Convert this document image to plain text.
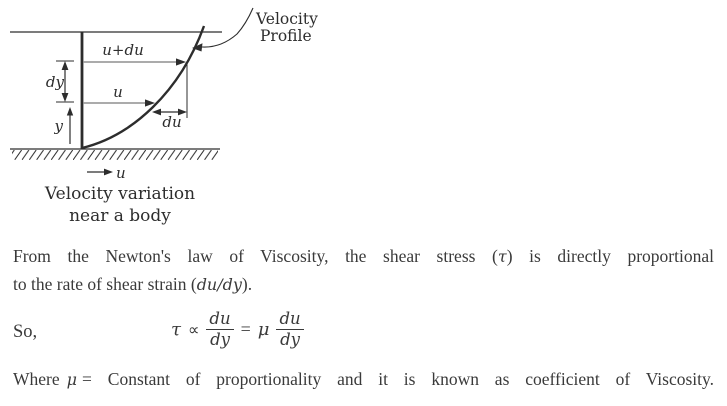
u+du
u
dy
y	du
u
Velocity
Profile
Velocity variation
near a body
From the Newton's law of Viscosity, the shear stress (τ) is directly proportional
to the rate of shear strain (du/dy).
So,	$\tau \propto \frac{du}{dy} = \mu \frac{du}{dy}$
Where μ = Constant of proportionality and it is known as coefficient of Viscosity.
